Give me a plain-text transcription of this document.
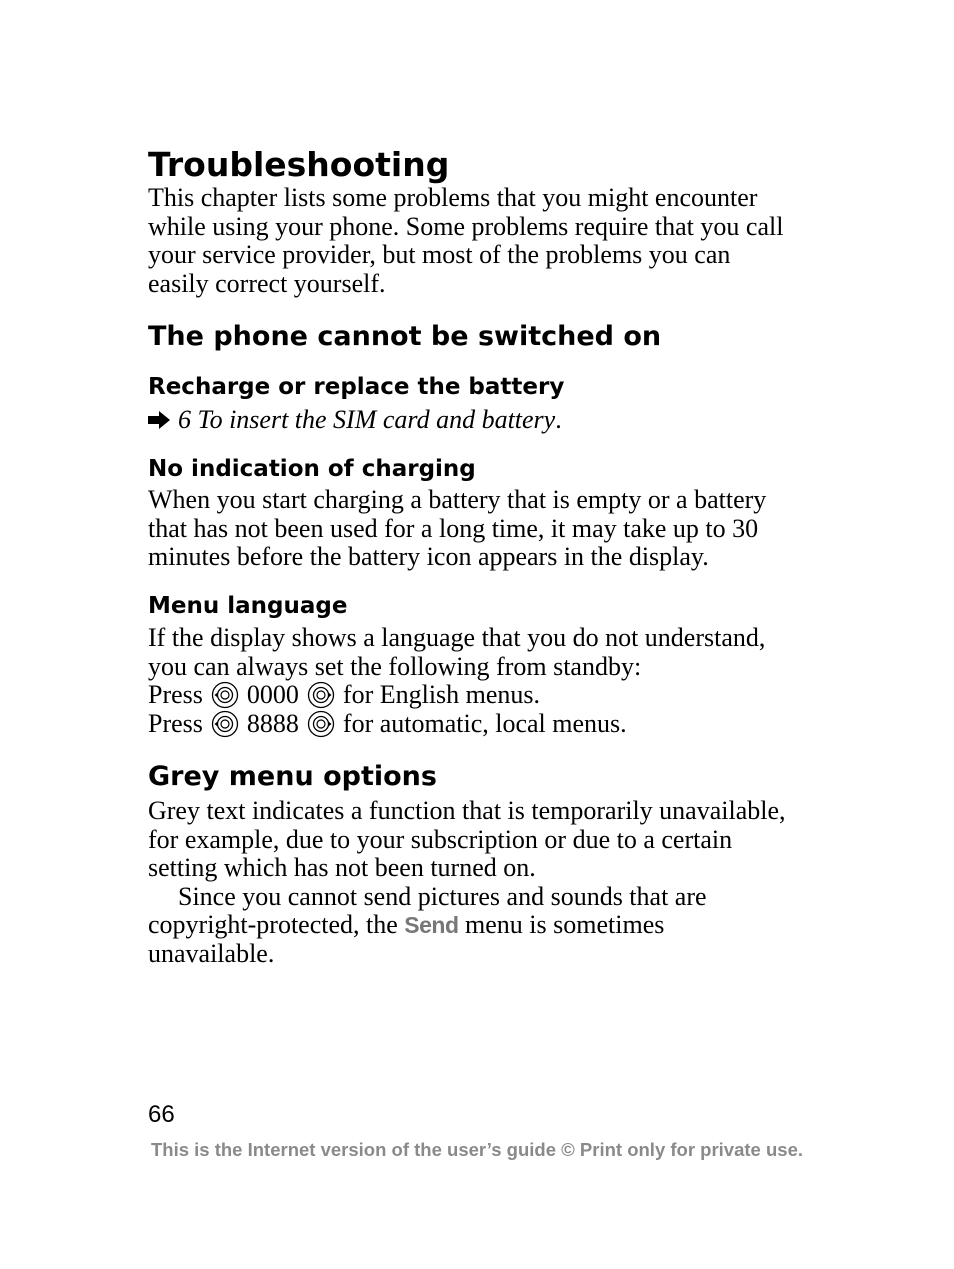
Troubleshooting

This chapter lists some problems that you might encounter

while using your phone. Some problems require that you call

your service provider, but most of the problems you can

easily correct yourself.

The phone cannot be switched on
Recharge or replace the battery
6 To insert the SIM card and battery .
No indication of charging

When you start charging a battery that is empty or a battery

that has not been used for a long time, it may take up to 30

minutes before the battery icon appears in the display.

Menu language

If the display shows a language that you do not understand,

you can always set the following from standby:

Press 0000 for English menus.
Press 8888 for automatic, local menus.
Grey menu options

Grey text indicates a function that is temporarily unavailable,

for example, due to your subscription or due to a certain

setting which has not been turned on.

Since you cannot send pictures and sounds that are

copyright-protected, the Send menu is sometimes

unavailable.

66
This is the Internet version of the user’s guide © Print only for private use.
